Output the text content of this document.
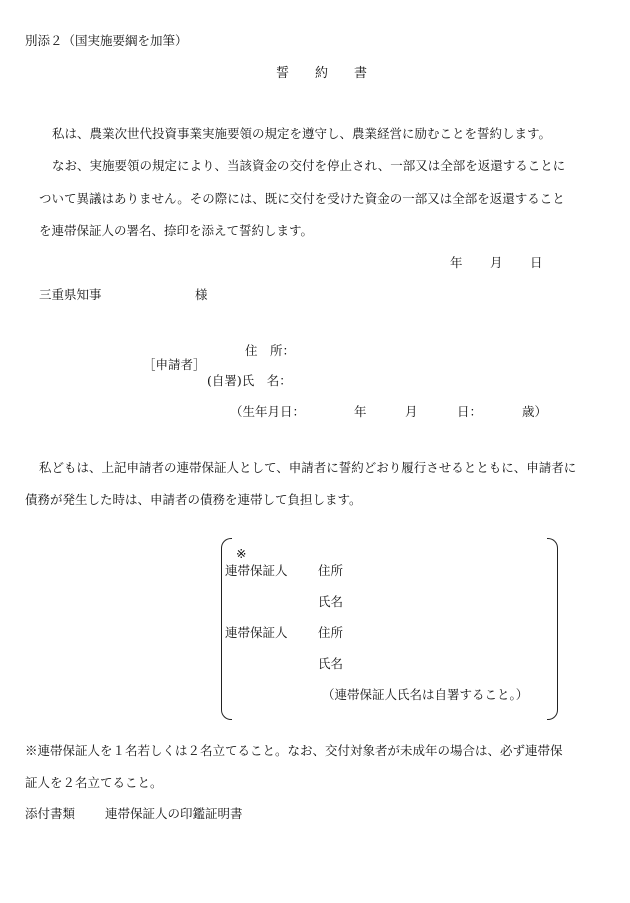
別添２（国実施要綱を加筆）
誓　　約　　書
私は、農業次世代投資事業実施要領の規定を遵守し、農業経営に励むことを誓約します。
なお、実施要領の規定により、当該資金の交付を停止され、一部又は全部を返還することに
ついて異議はありません。その際には、既に交付を受けた資金の一部又は全部を返還すること
を連帯保証人の署名、捺印を添えて誓約します。
年 月 日
三重県知事	様
住　所：
［申請者］
(自署)氏　名：
（生年月日：	年	月	日：	歳）
私どもは、上記申請者の連帯保証人として、申請者に誓約どおり履行させるとともに、申請者に
債務が発生した時は、申請者の債務を連帯して負担します。
※
連帯保証人 住所
氏名
連帯保証人 住所
氏名
（連帯保証人氏名は自署すること。）
※連帯保証人を１名若しくは２名立てること。なお、交付対象者が未成年の場合は、必ず連帯保
証人を２名立てること。
添付書類 連帯保証人の印鑑証明書
